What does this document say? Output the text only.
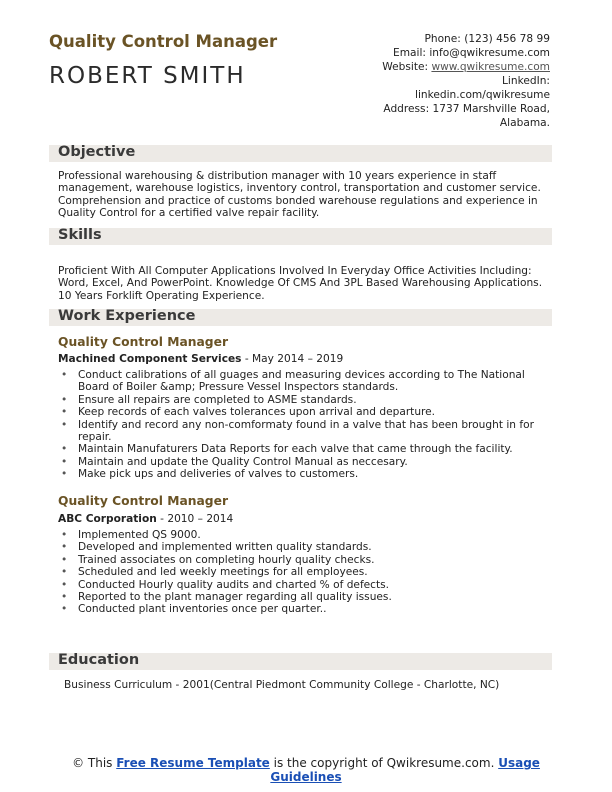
Quality Control Manager
ROBERT SMITH
Phone: (123) 456 78 99
Email: info@qwikresume.com
Website: www.qwikresume.com
LinkedIn:
linkedin.com/qwikresume
Address: 1737 Marshville Road,
Alabama.
Objective
Professional warehousing & distribution manager with 10 years experience in staff management, warehouse logistics, inventory control, transportation and customer service. Comprehension and practice of customs bonded warehouse regulations and experience in Quality Control for a certified valve repair facility.
Skills
Proficient With All Computer Applications Involved In Everyday Office Activities Including: Word, Excel, And PowerPoint. Knowledge Of CMS And 3PL Based Warehousing Applications. 10 Years Forklift Operating Experience.
Work Experience
Quality Control Manager
Machined Component Services - May 2014 – 2019
• Conduct calibrations of all guages and measuring devices according to The National Board of Boiler &amp; Pressure Vessel Inspectors standards.
• Ensure all repairs are completed to ASME standards.
• Keep records of each valves tolerances upon arrival and departure.
• Identify and record any non-comformaty found in a valve that has been brought in for repair.
• Maintain Manufaturers Data Reports for each valve that came through the facility.
• Maintain and update the Quality Control Manual as neccesary.
• Make pick ups and deliveries of valves to customers.
Quality Control Manager
ABC Corporation - 2010 – 2014
• Implemented QS 9000.
• Developed and implemented written quality standards.
• Trained associates on completing hourly quality checks.
• Scheduled and led weekly meetings for all employees.
• Conducted Hourly quality audits and charted % of defects.
• Reported to the plant manager regarding all quality issues.
• Conducted plant inventories once per quarter..
Education
Business Curriculum - 2001(Central Piedmont Community College - Charlotte, NC)
© This Free Resume Template is the copyright of Qwikresume.com. Usage Guidelines
